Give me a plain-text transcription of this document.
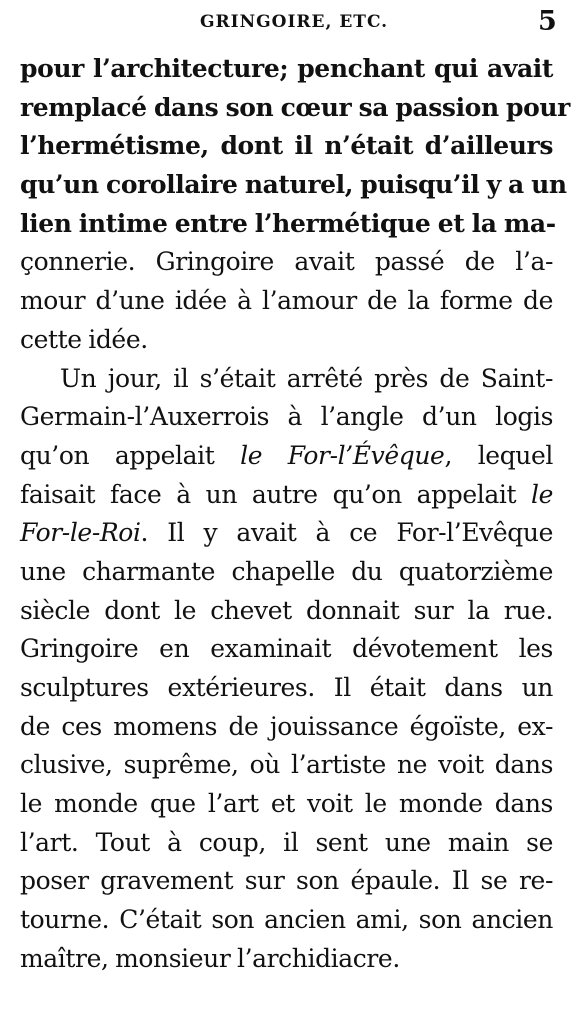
GRINGOIRE, ETC.	5
pour l’architecture; penchant qui avait
remplacé dans son cœur sa passion pour
l’hermétisme, dont il n’était d’ailleurs
qu’un corollaire naturel, puisqu’il y a un
lien intime entre l’hermétique et la ma-
çonnerie. Gringoire avait passé de l’a-
mour d’une idée à l’amour de la forme de
cette idée.
Un jour, il s’était arrêté près de Saint-
Germain-l’Auxerrois à l’angle d’un logis
qu’on appelait le For-l’Évêque, lequel
faisait face à un autre qu’on appelait le
For-le-Roi. Il y avait à ce For-l’Evêque
une charmante chapelle du quatorzième
siècle dont le chevet donnait sur la rue.
Gringoire en examinait dévotement les
sculptures extérieures. Il était dans un
de ces momens de jouissance égoïste, ex-
clusive, suprême, où l’artiste ne voit dans
le monde que l’art et voit le monde dans
l’art. Tout à coup, il sent une main se
poser gravement sur son épaule. Il se re-
tourne. C’était son ancien ami, son ancien
maître, monsieur l’archidiacre.
